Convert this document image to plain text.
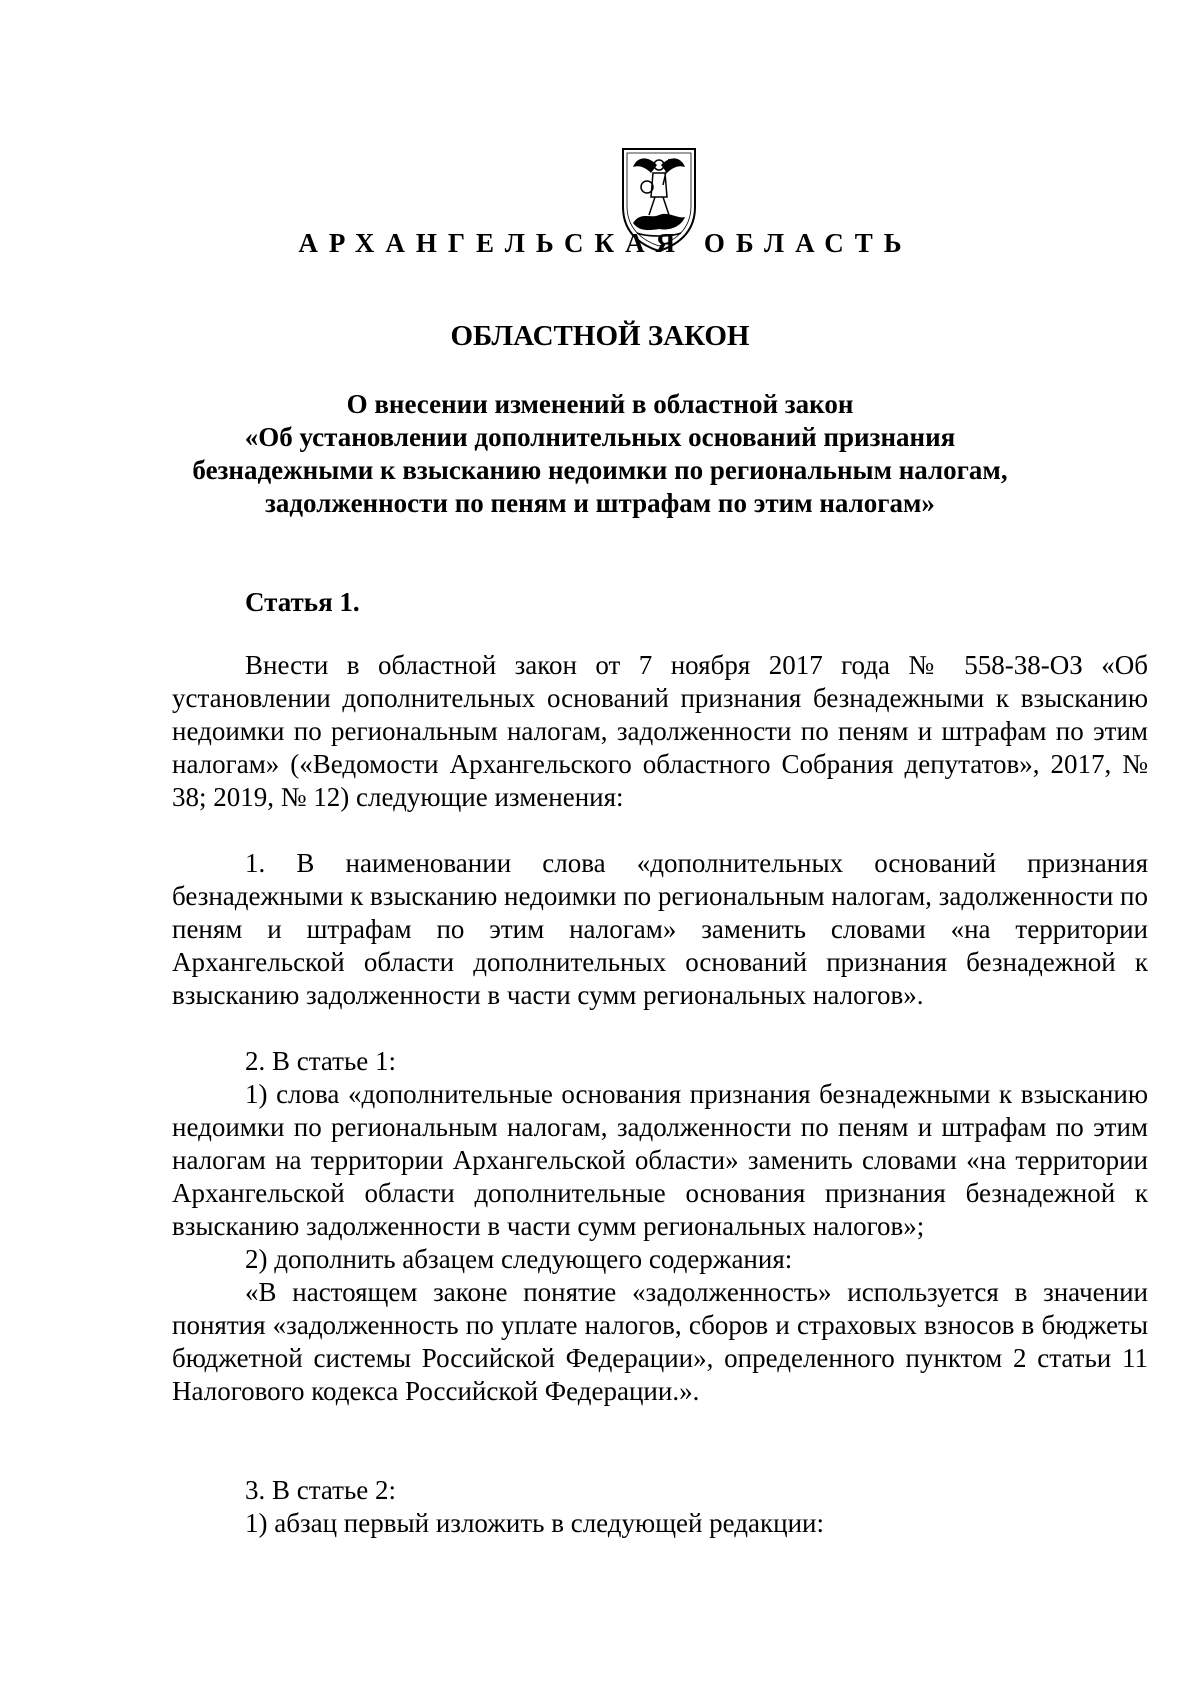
АРХАНГЕЛЬСКАЯ ОБЛАСТЬ
ОБЛАСТНОЙ ЗАКОН
О внесении изменений в областной закон
«Об установлении дополнительных оснований признания
безнадежными к взысканию недоимки по региональным налогам,
задолженности по пеням и штрафам по этим налогам»
Статья 1.
Внести в областной закон от 7 ноября 2017 года № 558-38-ОЗ «Об установлении дополнительных оснований признания безнадежными к взысканию недоимки по региональным налогам, задолженности по пеням и штрафам по этим налогам» («Ведомости Архангельского областного Собрания депутатов», 2017, № 38; 2019, № 12) следующие изменения:
1. В наименовании слова «дополнительных оснований признания безнадежными к взысканию недоимки по региональным налогам, задолженности по пеням и штрафам по этим налогам» заменить словами «на территории Архангельской области дополнительных оснований признания безнадежной к взысканию задолженности в части сумм региональных налогов».
2. В статье 1:
1) слова «дополнительные основания признания безнадежными к взысканию недоимки по региональным налогам, задолженности по пеням и штрафам по этим налогам на территории Архангельской области» заменить словами «на территории Архангельской области дополнительные основания признания безнадежной к взысканию задолженности в части сумм региональных налогов»;
2) дополнить абзацем следующего содержания:
«В настоящем законе понятие «задолженность» используется в значении понятия «задолженность по уплате налогов, сборов и страховых взносов в бюджеты бюджетной системы Российской Федерации», определенного пунктом 2 статьи 11 Налогового кодекса Российской Федерации.».
3. В статье 2:
1) абзац первый изложить в следующей редакции:
